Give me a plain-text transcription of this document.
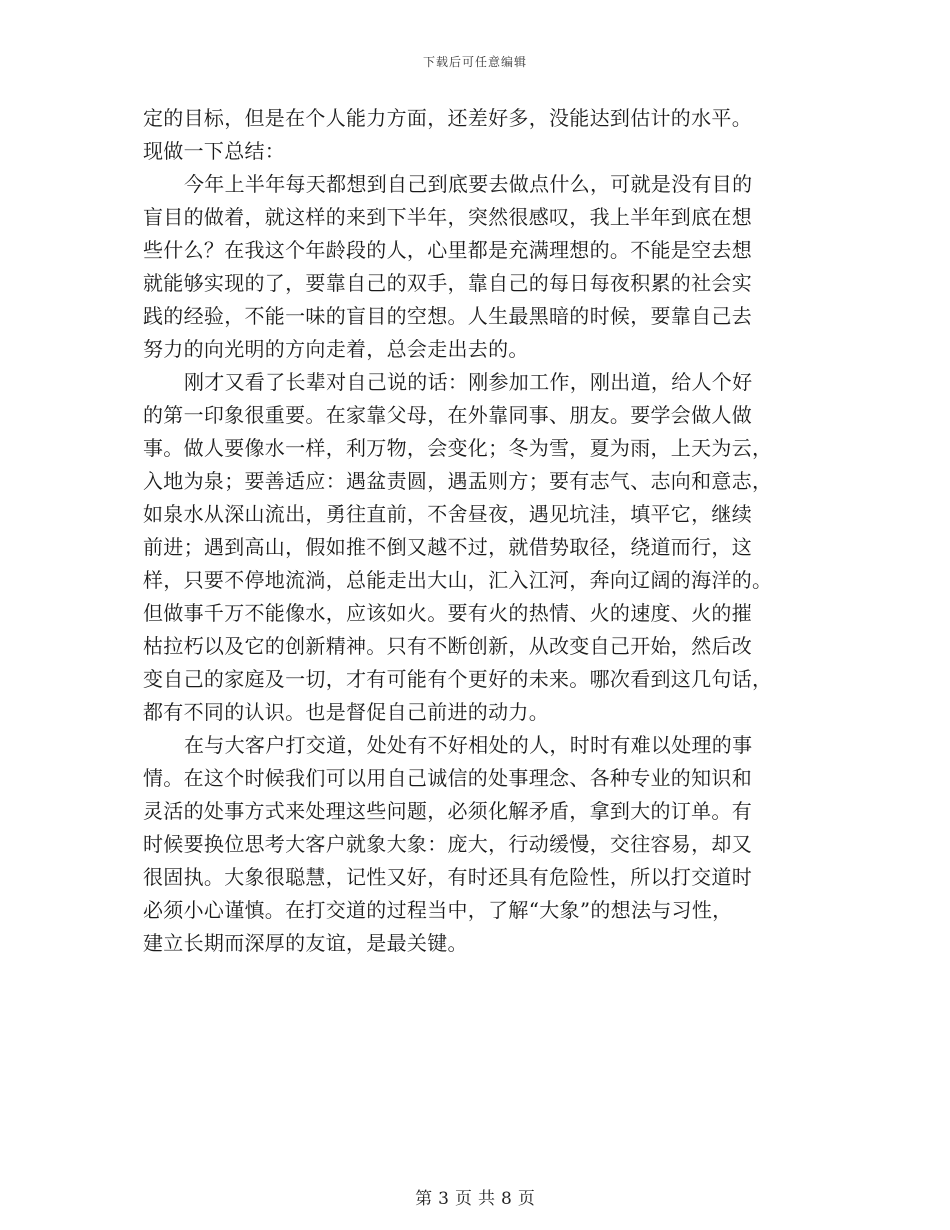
下载后可任意编辑
定的目标，但是在个人能力方面，还差好多，没能达到估计的水平。
现做一下总结：
今年上半年每天都想到自己到底要去做点什么，可就是没有目的
盲目的做着，就这样的来到下半年，突然很感叹，我上半年到底在想
些什么？在我这个年龄段的人，心里都是充满理想的。不能是空去想
就能够实现的了，要靠自己的双手，靠自己的每日每夜积累的社会实
践的经验，不能一味的盲目的空想。人生最黑暗的时候，要靠自己去
努力的向光明的方向走着，总会走出去的。
刚才又看了长辈对自己说的话：刚参加工作，刚出道，给人个好
的第一印象很重要。在家靠父母，在外靠同事、朋友。要学会做人做
事。做人要像水一样，利万物，会变化；冬为雪，夏为雨，上天为云，
入地为泉；要善适应：遇盆责圆，遇盂则方；要有志气、志向和意志，
如泉水从深山流出，勇往直前，不舍昼夜，遇见坑洼，填平它，继续
前进；遇到高山，假如推不倒又越不过，就借势取径，绕道而行，这
样，只要不停地流淌，总能走出大山，汇入江河，奔向辽阔的海洋的。
但做事千万不能像水，应该如火。要有火的热情、火的速度、火的摧
枯拉朽以及它的创新精神。只有不断创新，从改变自己开始，然后改
变自己的家庭及一切，才有可能有个更好的未来。哪次看到这几句话，
都有不同的认识。也是督促自己前进的动力。
在与大客户打交道，处处有不好相处的人，时时有难以处理的事
情。在这个时候我们可以用自己诚信的处事理念、各种专业的知识和
灵活的处事方式来处理这些问题，必须化解矛盾，拿到大的订单。有
时候要换位思考大客户就象大象：庞大，行动缓慢，交往容易，却又
很固执。大象很聪慧，记性又好，有时还具有危险性，所以打交道时
必须小心谨慎。在打交道的过程当中，了解“大象”的想法与习性，
建立长期而深厚的友谊，是最关键。
第 3 页 共 8 页
